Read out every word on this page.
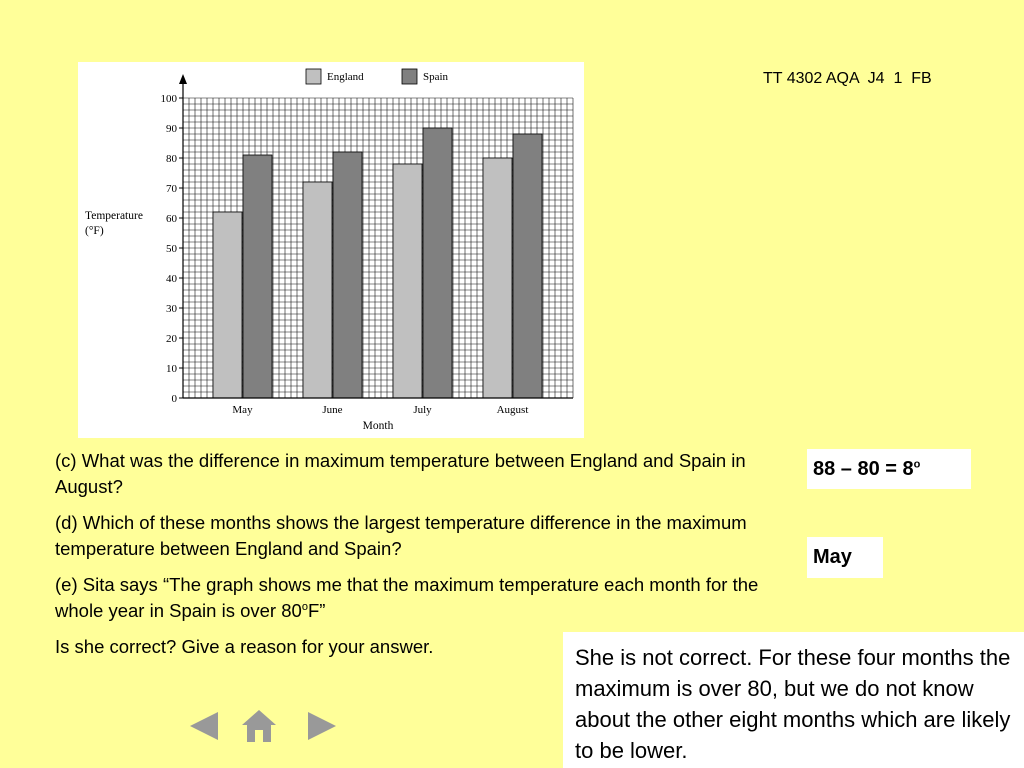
0
10
20
30
40
50
60
70
80
90
100
May	June	July	August
England	Spain
Temperature
(°F)
Month
TT 4302 AQA  J4  1  FB

(c) What was the difference in maximum temperature between England and Spain in August?

(d) Which of these months shows the largest temperature difference in the maximum temperature between England and Spain?

(e) Sita says “The graph shows me that the maximum temperature each month for the whole year in Spain is over 80$^o$F”

Is she correct? Give a reason for your answer.

$88 - 80 = 8^o$
May
She is not correct. For these four months the maximum is over 80, but we do not know about the other eight months which are likely to be lower.
